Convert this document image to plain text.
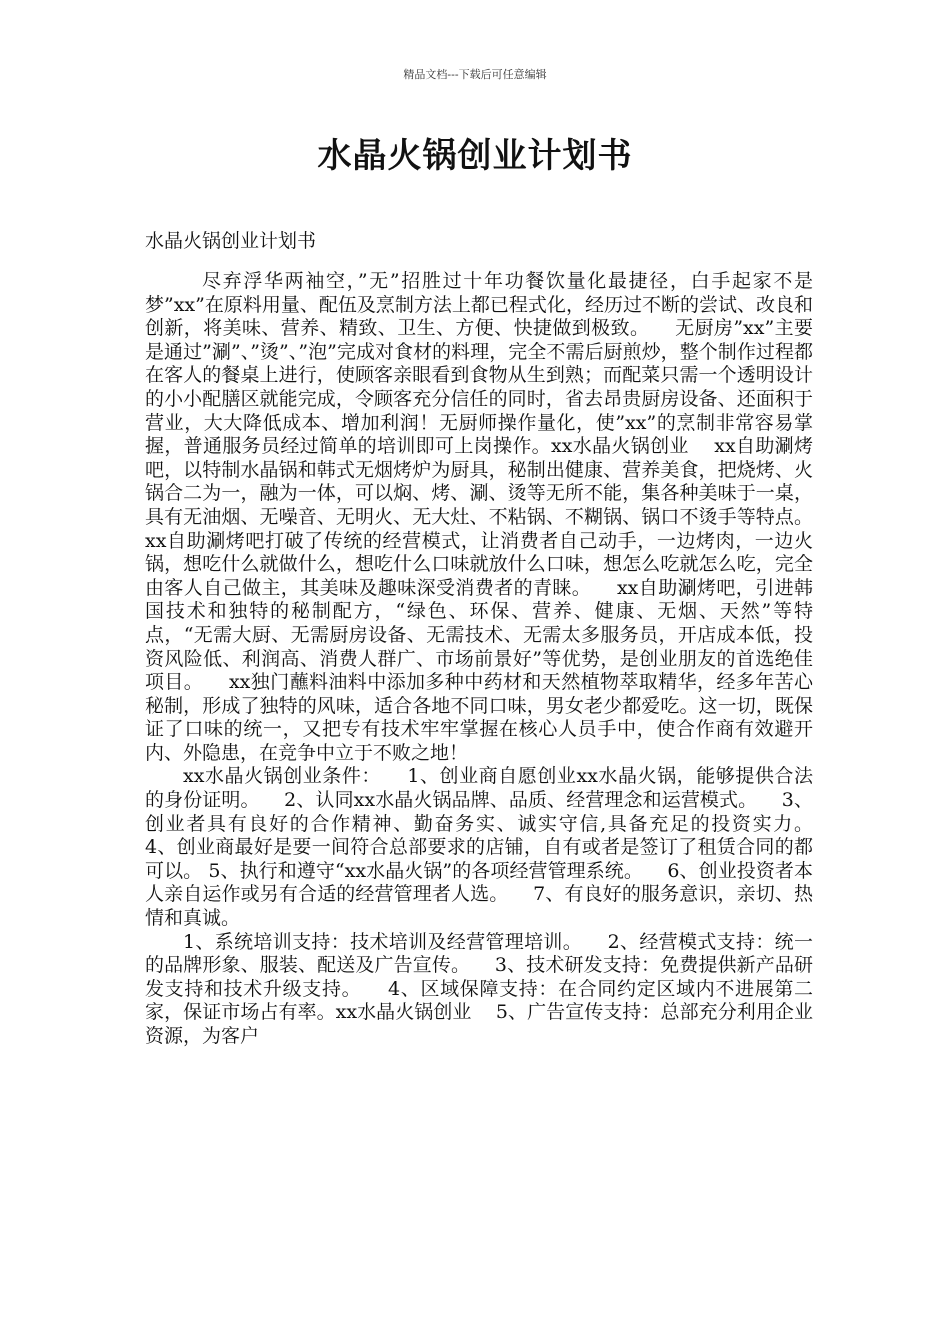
精品文档---下载后可任意编辑
水晶火锅创业计划书
水晶火锅创业计划书

尽弃浮华两袖空，”无”招胜过十年功餐饮量化最捷径，白手起家不是梦”xx”在原料用量、配伍及烹制方法上都已程式化，经历过不断的尝试、改良和创新，将美味、营养、精致、卫生、方便、快捷做到极致。    无厨房”xx”主要是通过”涮”、”烫”、”泡”完成对食材的料理，完全不需后厨煎炒，整个制作过程都在客人的餐桌上进行，使顾客亲眼看到食物从生到熟；而配菜只需一个透明设计的小小配膳区就能完成，令顾客充分信任的同时，省去昂贵厨房设备、还面积于营业，大大降低成本、增加利润！无厨师操作量化，使”xx”的烹制非常容易掌握，普通服务员经过简单的培训即可上岗操作。xx水晶火锅创业    xx自助涮烤吧，以特制水晶锅和韩式无烟烤炉为厨具，秘制出健康、营养美食，把烧烤、火锅合二为一，融为一体，可以焖、烤、涮、烫等无所不能，集各种美味于一桌，具有无油烟、无噪音、无明火、无大灶、不粘锅、不糊锅、锅口不烫手等特点。    xx自助涮烤吧打破了传统的经营模式，让消费者自己动手，一边烤肉，一边火锅，想吃什么就做什么，想吃什么口味就放什么口味，想怎么吃就怎么吃，完全由客人自己做主，其美味及趣味深受消费者的青睐。    xx自助涮烤吧，引进韩国技术和独特的秘制配方，“绿色、环保、营养、健康、无烟、天然”等特点，“无需大厨、无需厨房设备、无需技术、无需太多服务员，开店成本低，投资风险低、利润高、消费人群广、市场前景好”等优势，是创业朋友的首选绝佳项目。    xx独门蘸料油料中添加多种中药材和天然植物萃取精华，经多年苦心秘制，形成了独特的风味，适合各地不同口味，男女老少都爱吃。这一切，既保证了口味的统一，又把专有技术牢牢掌握在核心人员手中，使合作商有效避开内、外隐患，在竞争中立于不败之地！

xx水晶火锅创业条件：    1、创业商自愿创业xx水晶火锅，能够提供合法的身份证明。    2、认同xx水晶火锅品牌、品质、经营理念和运营模式。    3、创业者具有良好的合作精神、勤奋务实、诚实守信,具备充足的投资实力。    4、创业商最好是要一间符合总部要求的店铺，自有或者是签订了租赁合同的都可以。 5、执行和遵守“xx水晶火锅”的各项经营管理系统。    6、创业投资者本人亲自运作或另有合适的经营管理者人选。    7、有良好的服务意识，亲切、热情和真诚。

1、系统培训支持：技术培训及经营管理培训。    2、经营模式支持：统一的品牌形象、服装、配送及广告宣传。    3、技术研发支持：免费提供新产品研发支持和技术升级支持。    4、区域保障支持：在合同约定区域内不进展第二家，保证市场占有率。xx水晶火锅创业    5、广告宣传支持：总部充分利用企业资源，为客户
